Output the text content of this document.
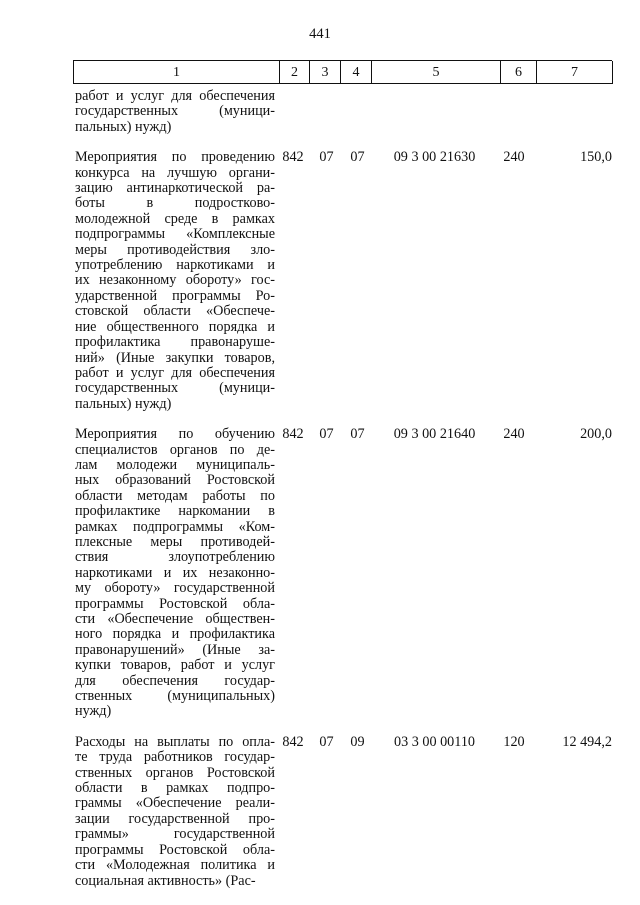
441
1	2	3	4	5	6	7
работ и услуг для обеспечения
государственных (муници-
пальных) нужд)
Мероприятия по проведению
конкурса на лучшую органи-
зацию антинаркотической ра-
боты в подростково-
молодежной среде в рамках
подпрограммы «Комплексные
меры противодействия зло-
употреблению наркотиками и
их незаконному обороту» гос-
ударственной программы Ро-
стовской области «Обеспече-
ние общественного порядка и
профилактика правонаруше-
ний» (Иные закупки товаров,
работ и услуг для обеспечения
государственных (муници-
пальных) нужд)
842	07	07	09 3 00 21630	240	150,0
Мероприятия по обучению
специалистов органов по де-
лам молодежи муниципаль-
ных образований Ростовской
области методам работы по
профилактике наркомании в
рамках подпрограммы «Ком-
плексные меры противодей-
ствия злоупотреблению
наркотиками и их незаконно-
му обороту» государственной
программы Ростовской обла-
сти «Обеспечение обществен-
ного порядка и профилактика
правонарушений» (Иные за-
купки товаров, работ и услуг
для обеспечения государ-
ственных (муниципальных)
нужд)
842	07	07	09 3 00 21640	240	200,0
Расходы на выплаты по опла-
те труда работников государ-
ственных органов Ростовской
области в рамках подпро-
граммы «Обеспечение реали-
зации государственной про-
граммы» государственной
программы Ростовской обла-
сти «Молодежная политика и
социальная активность» (Рас-
842	07	09	03 3 00 00110	120	12 494,2
